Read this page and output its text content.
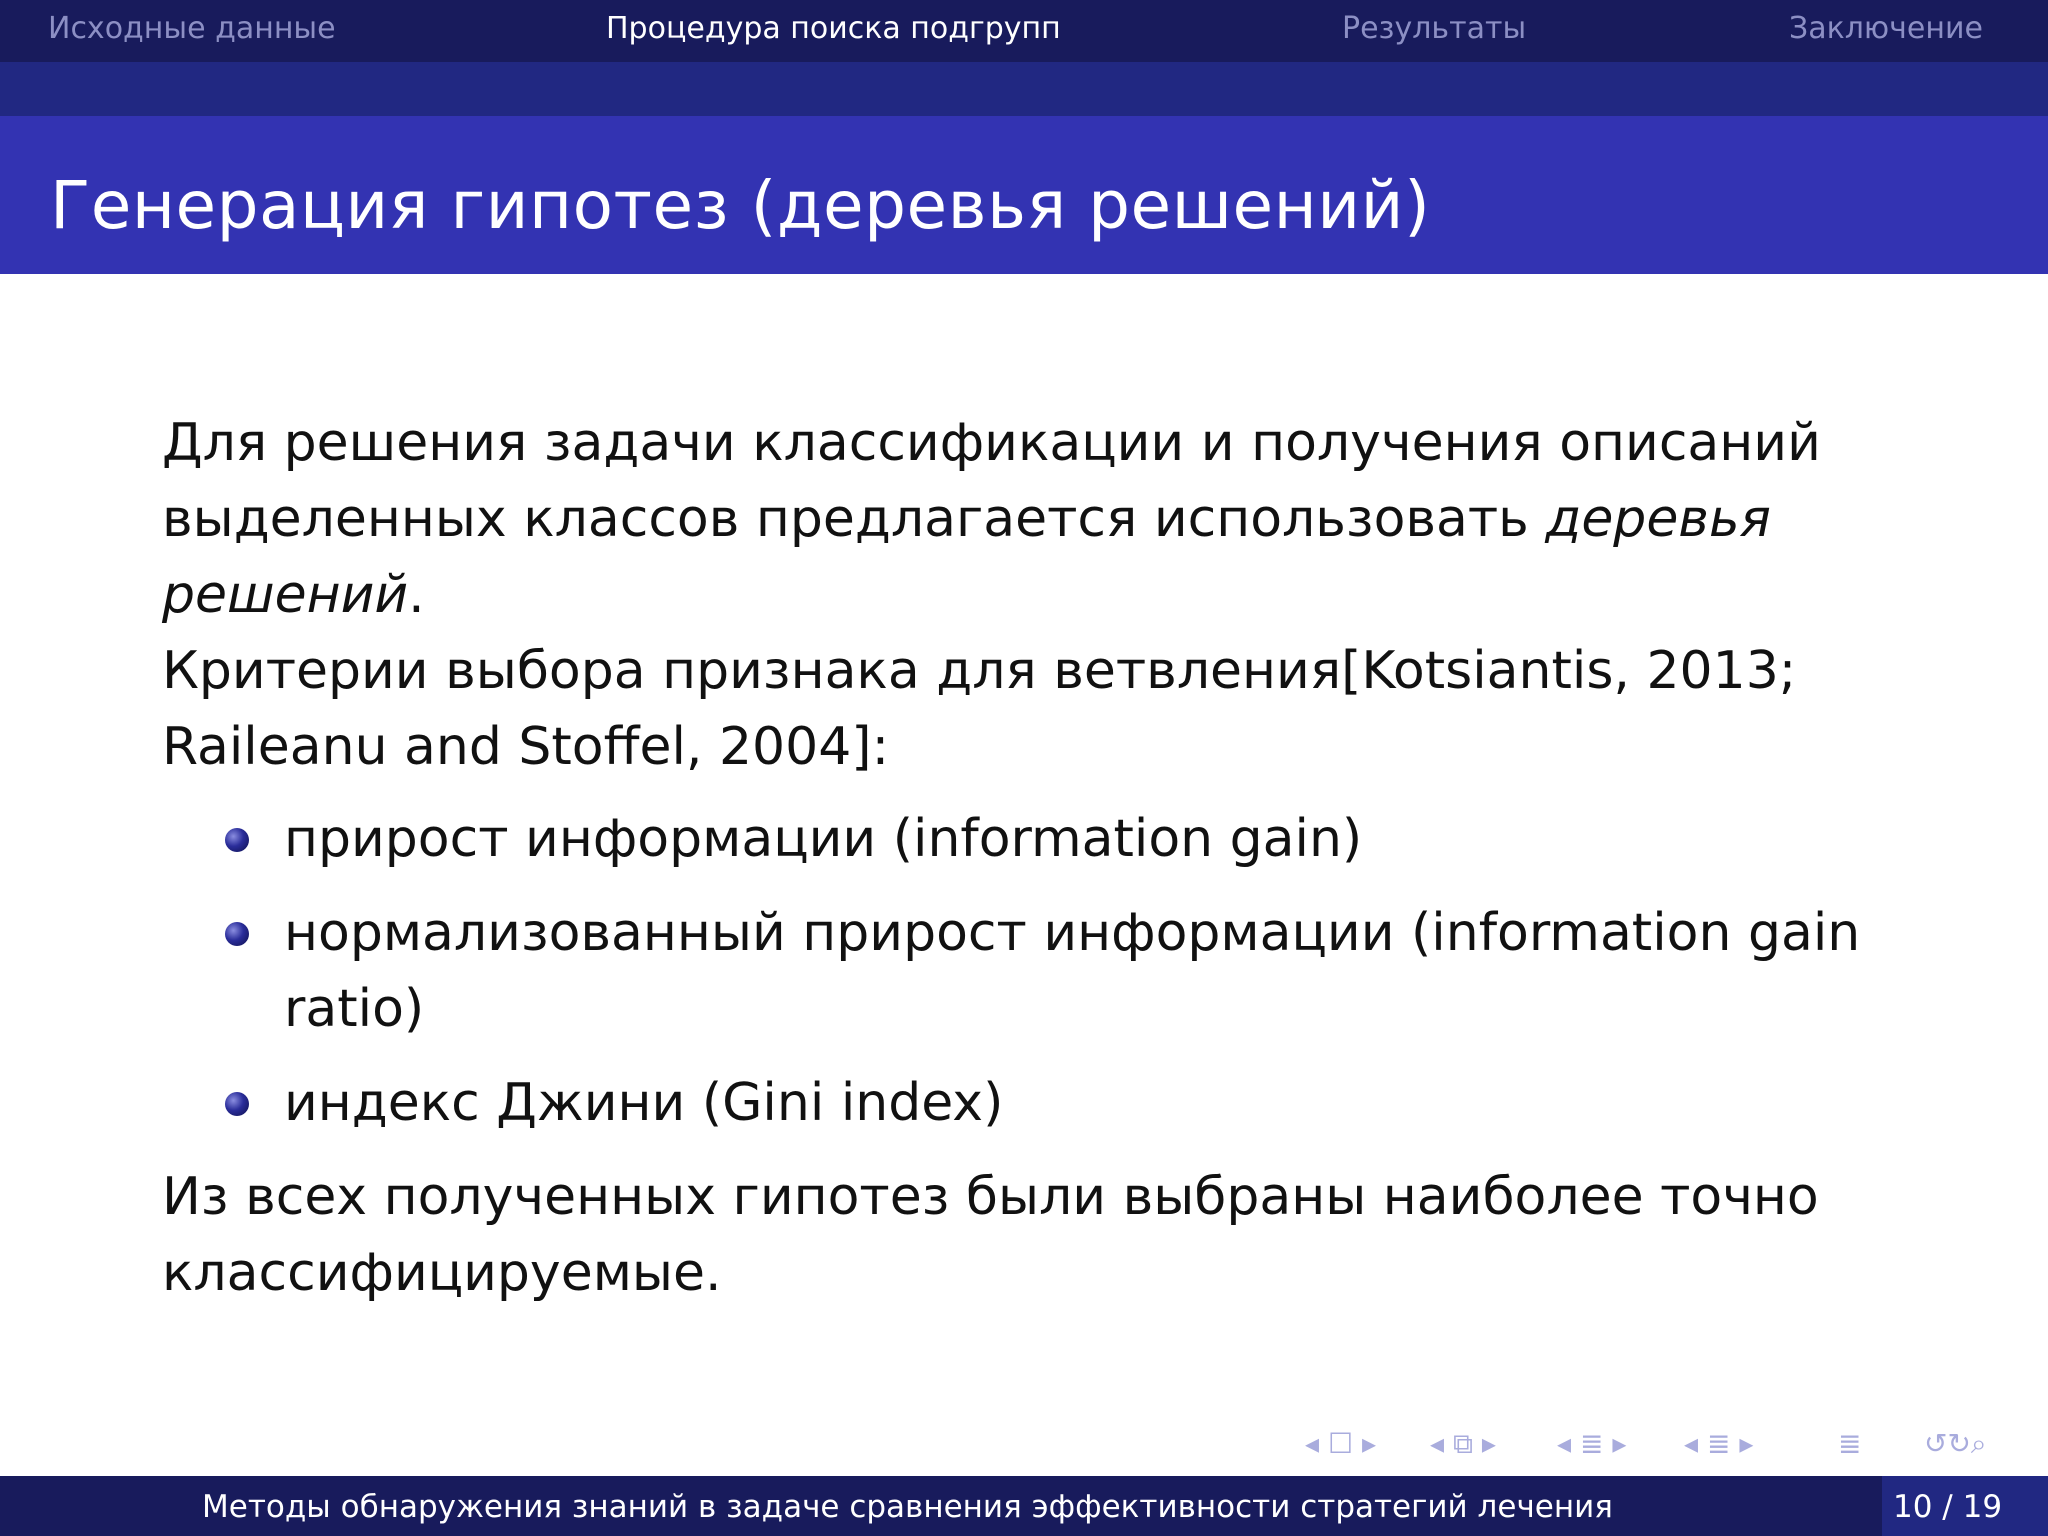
Исходные данные	Процедура поиска подгрупп	Результаты	Заключение
Генерация гипотез (деревья решений)

Для решения задачи классификации и получения описаний выделенных классов предлагается использовать деревья решений.

Критерии выбора признака для ветвления[Kotsiantis, 2013; Raileanu and Stoffel, 2004]:

прирост информации (information gain)
нормализованный прирост информации (information gain ratio)
индекс Джини (Gini index)

Из всех полученных гипотез были выбраны наиболее точно классифицируемые.

◂ ☐ ▸ ◂ ⧉ ▸ ◂ ≣ ▸ ◂ ≣ ▸	≣ ↺↻⌕
Методы обнаружения знаний в задаче сравнения эффективности стратегий лечения	10 / 19
